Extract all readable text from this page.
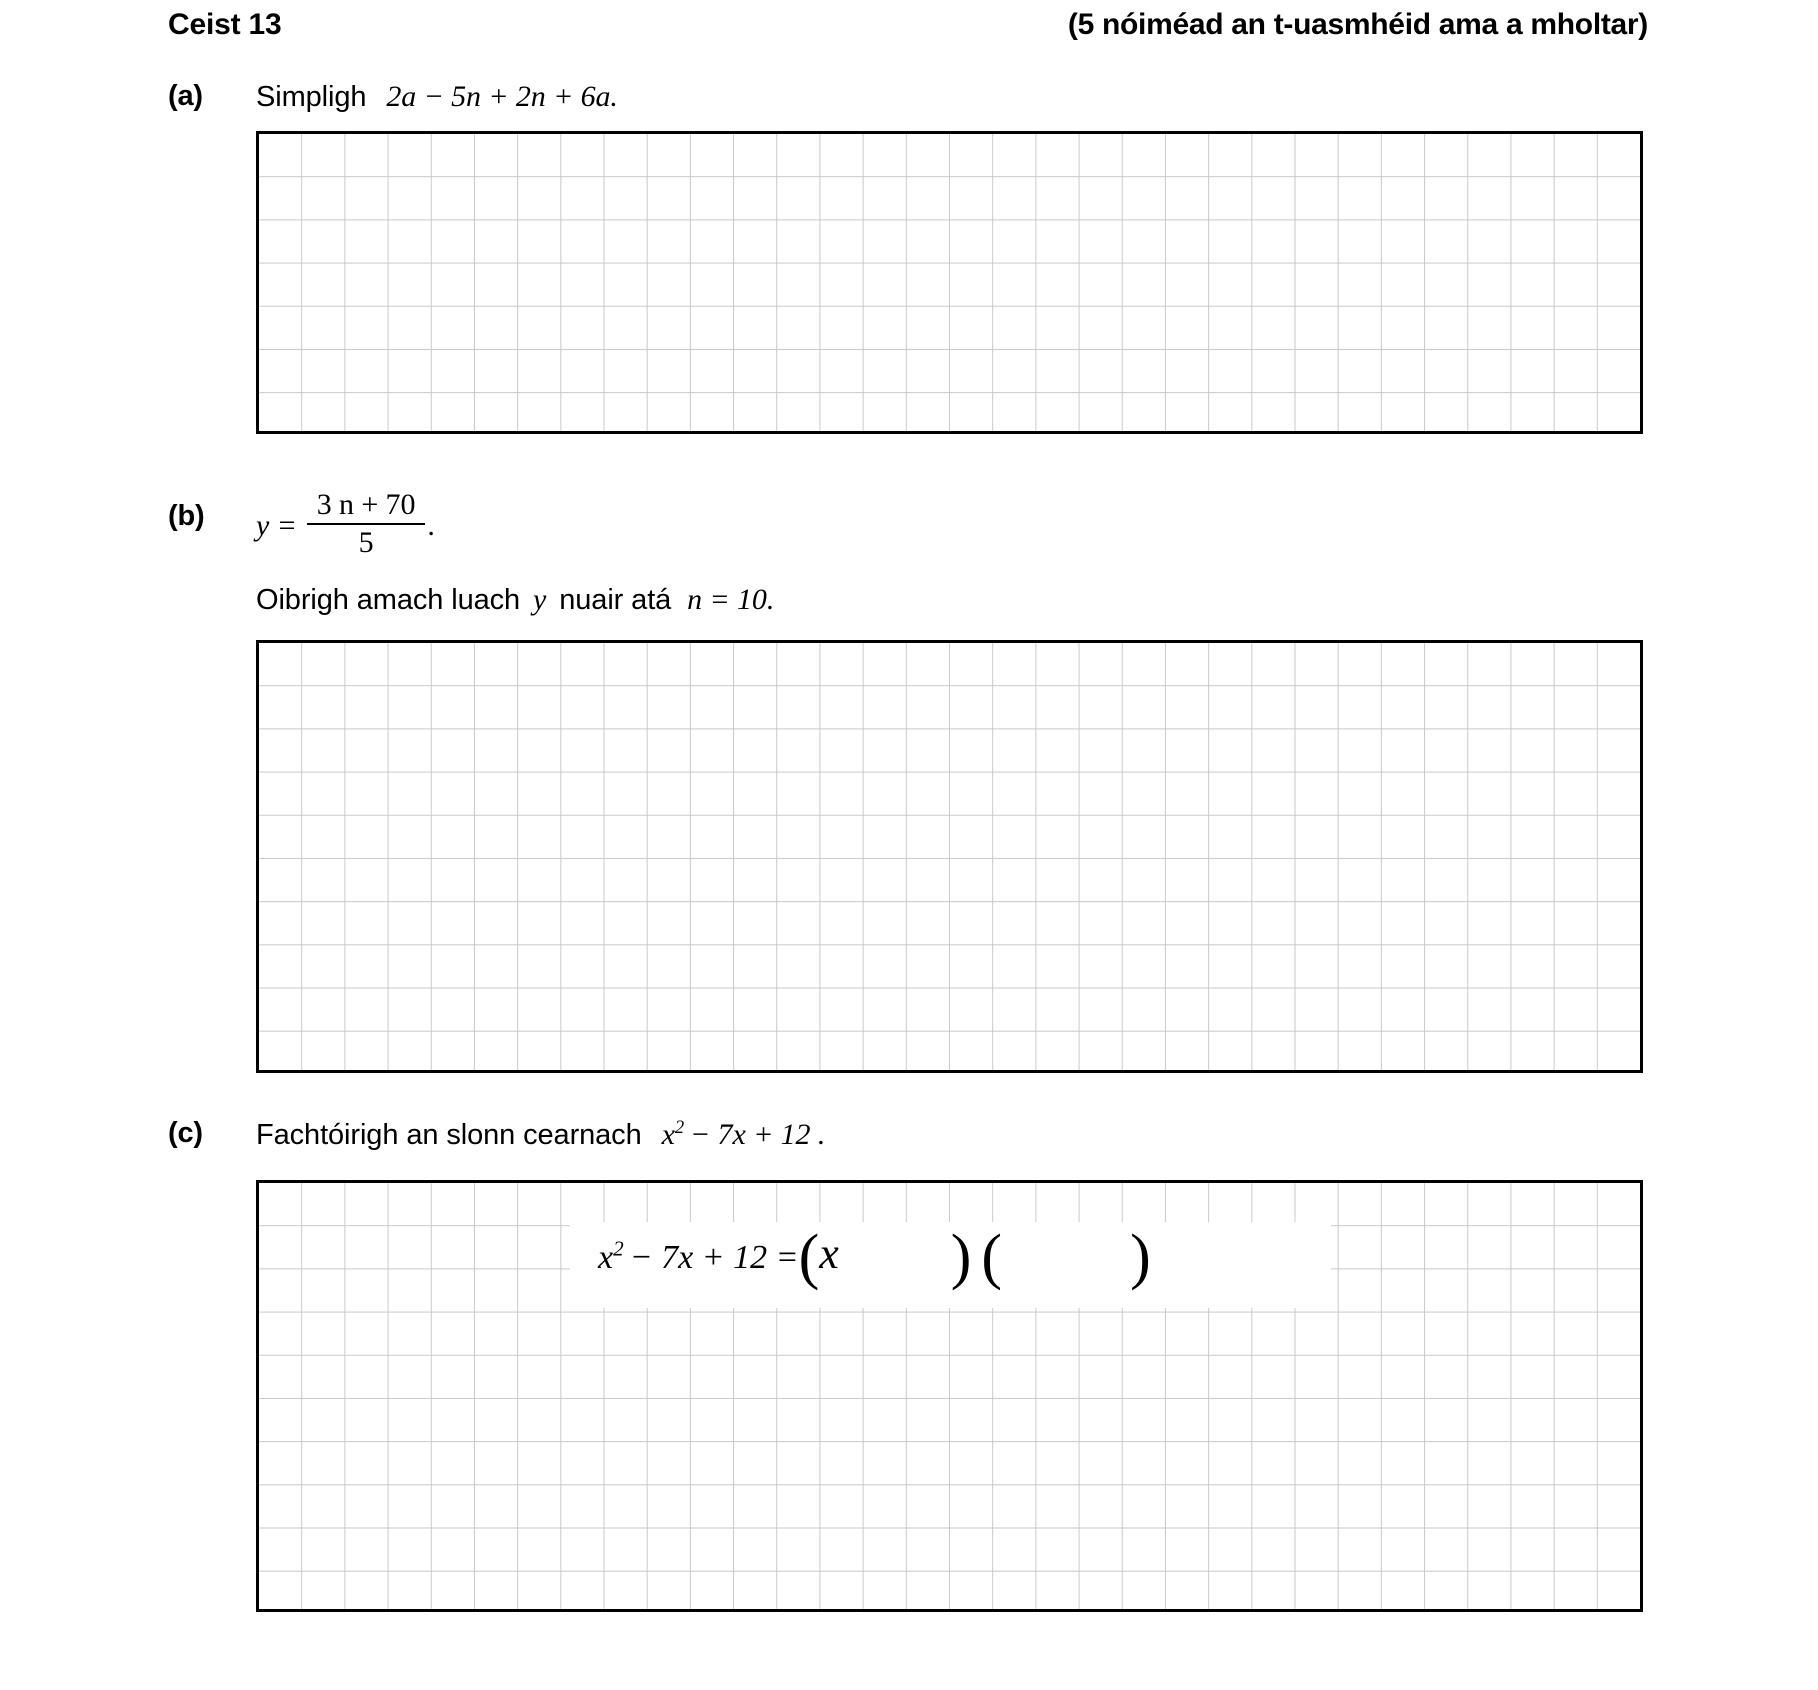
Ceist 13	(5 nóiméad an t-uasmhéid ama a mholtar)
(a) Simpligh 2a − 5n + 2n + 6a.
(b) $y = \frac{3 n + 70}{5}$ .
Oibrigh amach luach y nuair atá n = 10.
(c) Fachtóirigh an slonn cearnach $x^2 - 7x + 12$ .
$x^2 - 7x + 12 =(x$ ) ( )
